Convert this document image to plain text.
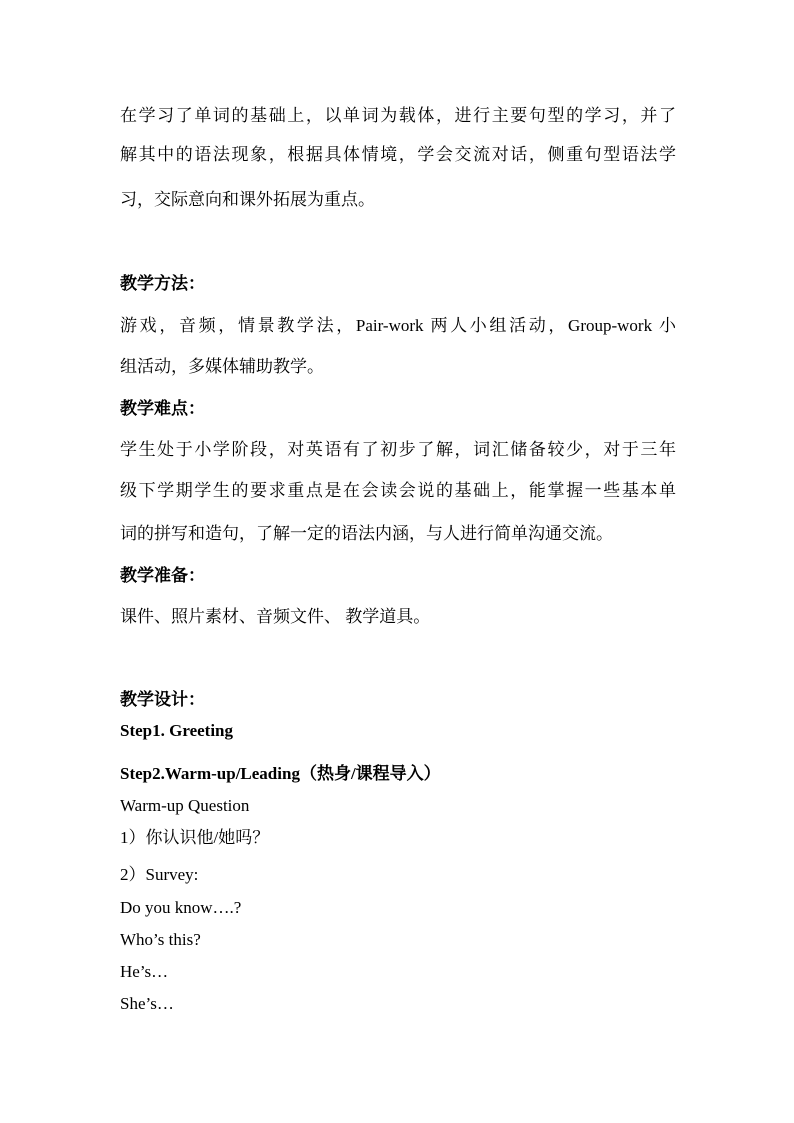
在学习了单词的基础上，以单词为载体，进行主要句型的学习，并了
解其中的语法现象，根据具体情境，学会交流对话，侧重句型语法学
习，交际意向和课外拓展为重点。
教学方法：
游戏，音频，情景教学法，Pair-work 两人小组活动，Group-work 小
组活动，多媒体辅助教学。
教学难点：
学生处于小学阶段，对英语有了初步了解，词汇储备较少，对于三年
级下学期学生的要求重点是在会读会说的基础上，能掌握一些基本单
词的拼写和造句，了解一定的语法内涵，与人进行简单沟通交流。
教学准备：
课件、照片素材、音频文件、 教学道具。
教学设计：
Step1. Greeting
Step2.Warm-up/Leading（热身/课程导入）
Warm-up Question
1）你认识他/她吗？
2）Survey:
Do you know….?
Who’s this?
He’s…
She’s…
